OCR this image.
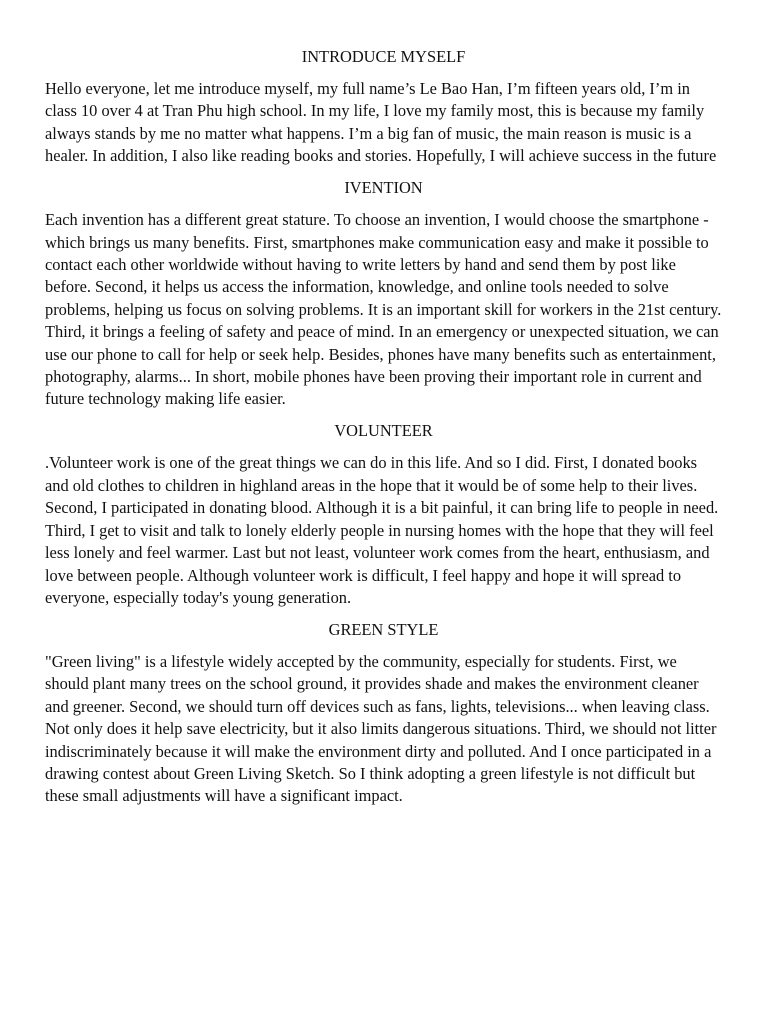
INTRODUCE MYSELF

Hello everyone, let me introduce myself, my full name’s Le Bao Han, I’m fifteen years old, I’m in class 10 over 4 at Tran Phu high school. In my life, I love my family most, this is because my family always stands by me no matter what happens. I’m a big fan of music, the main reason is music is a healer. In addition, I also like reading books and stories. Hopefully, I will achieve success in the future

IVENTION

Each invention has a different great stature. To choose an invention, I would choose the smartphone - which brings us many benefits. First, smartphones make communication easy and make it possible to contact each other worldwide without having to write letters by hand and send them by post like before. Second, it helps us access the information, knowledge, and online tools needed to solve problems, helping us focus on solving problems. It is an important skill for workers in the 21st century. Third, it brings a feeling of safety and peace of mind. In an emergency or unexpected situation, we can use our phone to call for help or seek help. Besides, phones have many benefits such as entertainment, photography, alarms... In short, mobile phones have been proving their important role in current and future technology making life easier.

VOLUNTEER

.Volunteer work is one of the great things we can do in this life. And so I did. First, I donated books and old clothes to children in highland areas in the hope that it would be of some help to their lives. Second, I participated in donating blood. Although it is a bit painful, it can bring life to people in need. Third, I get to visit and talk to lonely elderly people in nursing homes with the hope that they will feel less lonely and feel warmer. Last but not least, volunteer work comes from the heart, enthusiasm, and love between people. Although volunteer work is difficult, I feel happy and hope it will spread to everyone, especially today's young generation.

GREEN STYLE

"Green living" is a lifestyle widely accepted by the community, especially for students. First, we should plant many trees on the school ground, it provides shade and makes the environment cleaner and greener. Second, we should turn off devices such as fans, lights, televisions... when leaving class. Not only does it help save electricity, but it also limits dangerous situations. Third, we should not litter indiscriminately because it will make the environment dirty and polluted. And I once participated in a drawing contest about Green Living Sketch. So I think adopting a green lifestyle is not difficult but these small adjustments will have a significant impact.
